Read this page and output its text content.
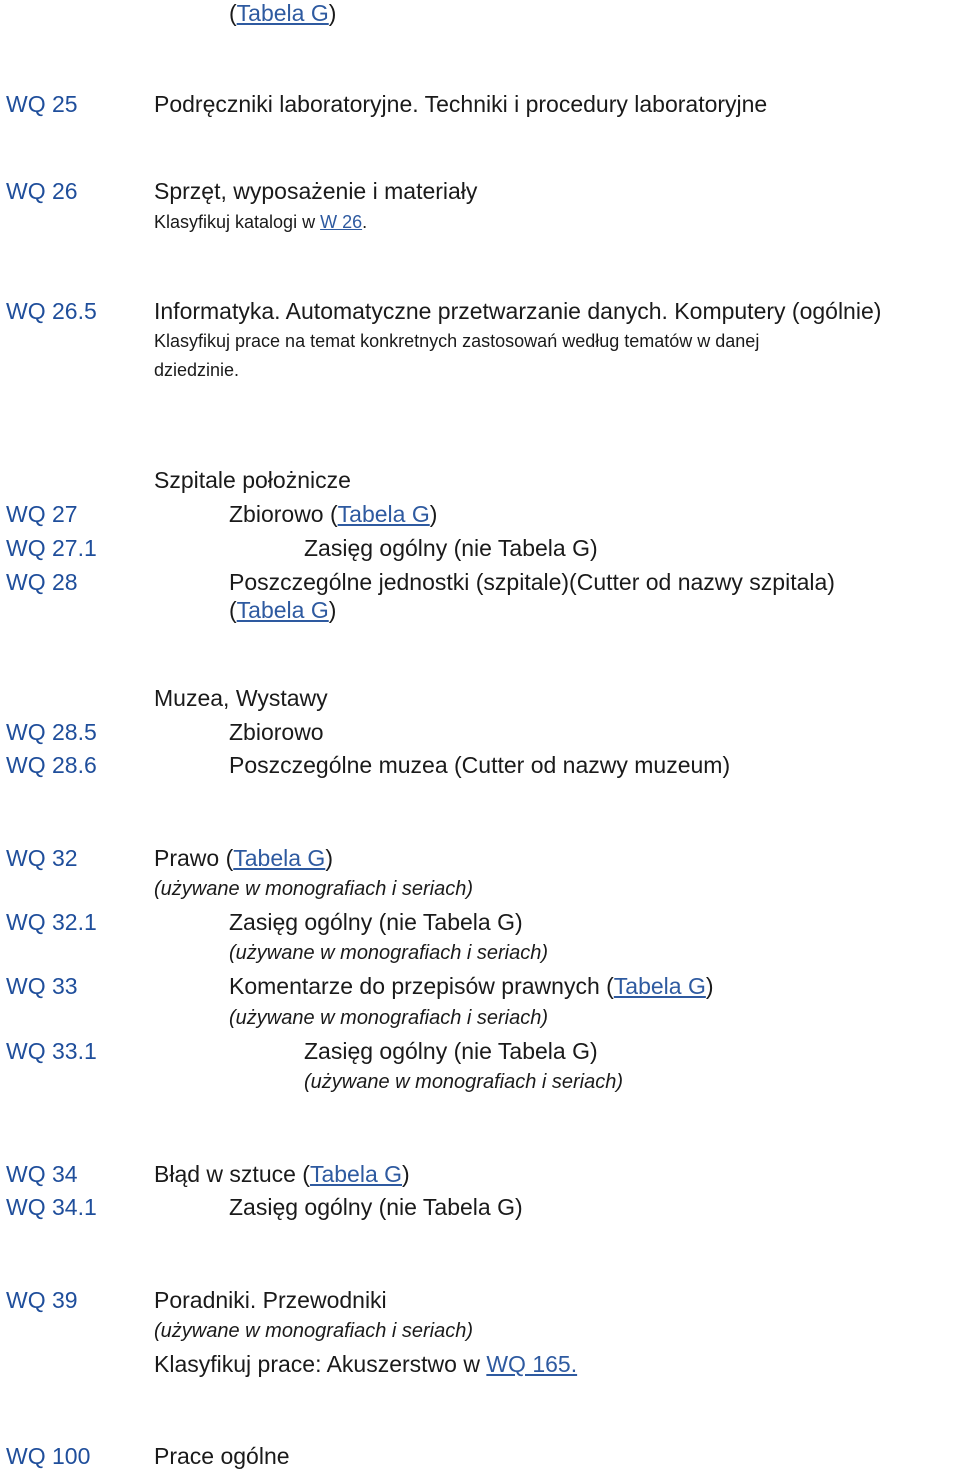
(Tabela G)
WQ 25	Podręczniki laboratoryjne. Techniki i procedury laboratoryjne
WQ 26	Sprzęt, wyposażenie i materiały
Klasyfikuj katalogi w W 26.
WQ 26.5 Informatyka. Automatyczne przetwarzanie danych. Komputery (ogólnie)
Klasyfikuj prace na temat konkretnych zastosowań według tematów w danej
dziedzinie.
Szpitale położnicze
WQ 27	Zbiorowo (Tabela G)
WQ 27.1	Zasięg ogólny (nie Tabela G)
WQ 28	Poszczególne jednostki (szpitale)(Cutter od nazwy szpitala)
(Tabela G)
Muzea, Wystawy
WQ 28.5	Zbiorowo
WQ 28.6	Poszczególne muzea (Cutter od nazwy muzeum)
WQ 32	Prawo (Tabela G)
(używane w monografiach i seriach)
WQ 32.1	Zasięg ogólny (nie Tabela G)
(używane w monografiach i seriach)
WQ 33	Komentarze do przepisów prawnych (Tabela G)
(używane w monografiach i seriach)
WQ 33.1	Zasięg ogólny (nie Tabela G)
(używane w monografiach i seriach)
WQ 34	Błąd w sztuce (Tabela G)
WQ 34.1	Zasięg ogólny (nie Tabela G)
WQ 39	Poradniki. Przewodniki
(używane w monografiach i seriach)
Klasyfikuj prace: Akuszerstwo w WQ 165.
WQ 100	Prace ogólne
